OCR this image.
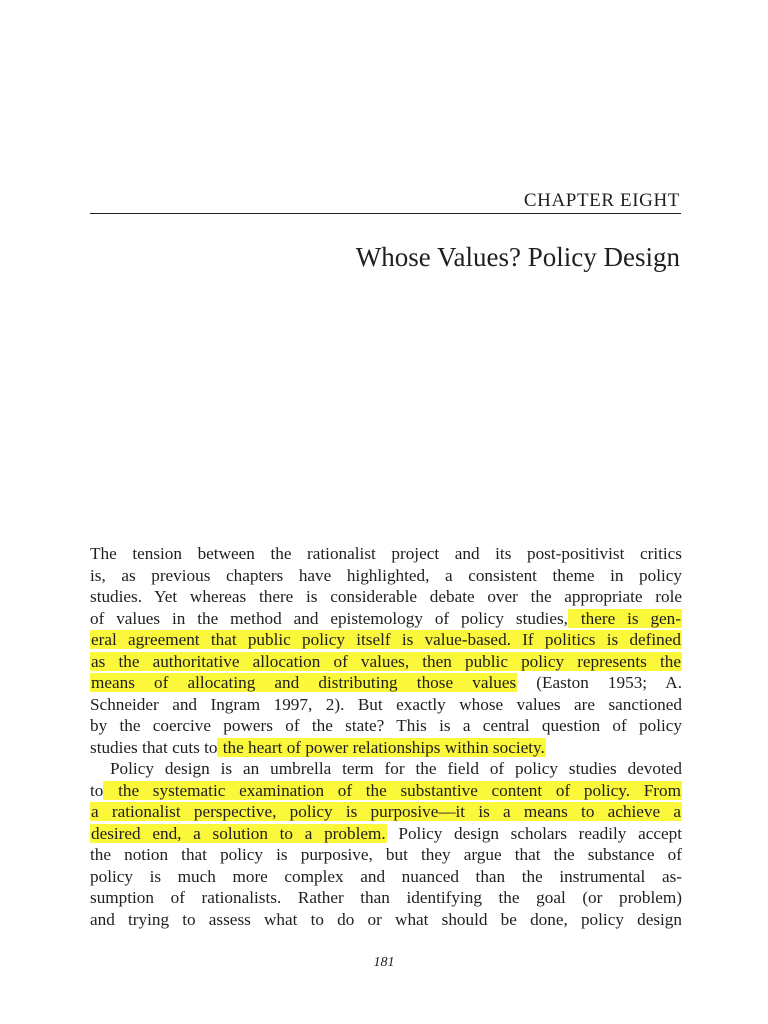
CHAPTER EIGHT
Whose Values? Policy Design
The tension between the rationalist project and its post-positivist critics
is, as previous chapters have highlighted, a consistent theme in policy
studies. Yet whereas there is considerable debate over the appropriate role
of values in the method and epistemology of policy studies, there is gen-
eral agreement that public policy itself is value-based. If politics is defined
as the authoritative allocation of values, then public policy represents the
means of allocating and distributing those values (Easton 1953; A.
Schneider and Ingram 1997, 2). But exactly whose values are sanctioned
by the coercive powers of the state? This is a central question of policy
studies that cuts to the heart of power relationships within society.
Policy design is an umbrella term for the field of policy studies devoted
to the systematic examination of the substantive content of policy. From
a rationalist perspective, policy is purposive—it is a means to achieve a
desired end, a solution to a problem. Policy design scholars readily accept
the notion that policy is purposive, but they argue that the substance of
policy is much more complex and nuanced than the instrumental as-
sumption of rationalists. Rather than identifying the goal (or problem)
and trying to assess what to do or what should be done, policy design
181
